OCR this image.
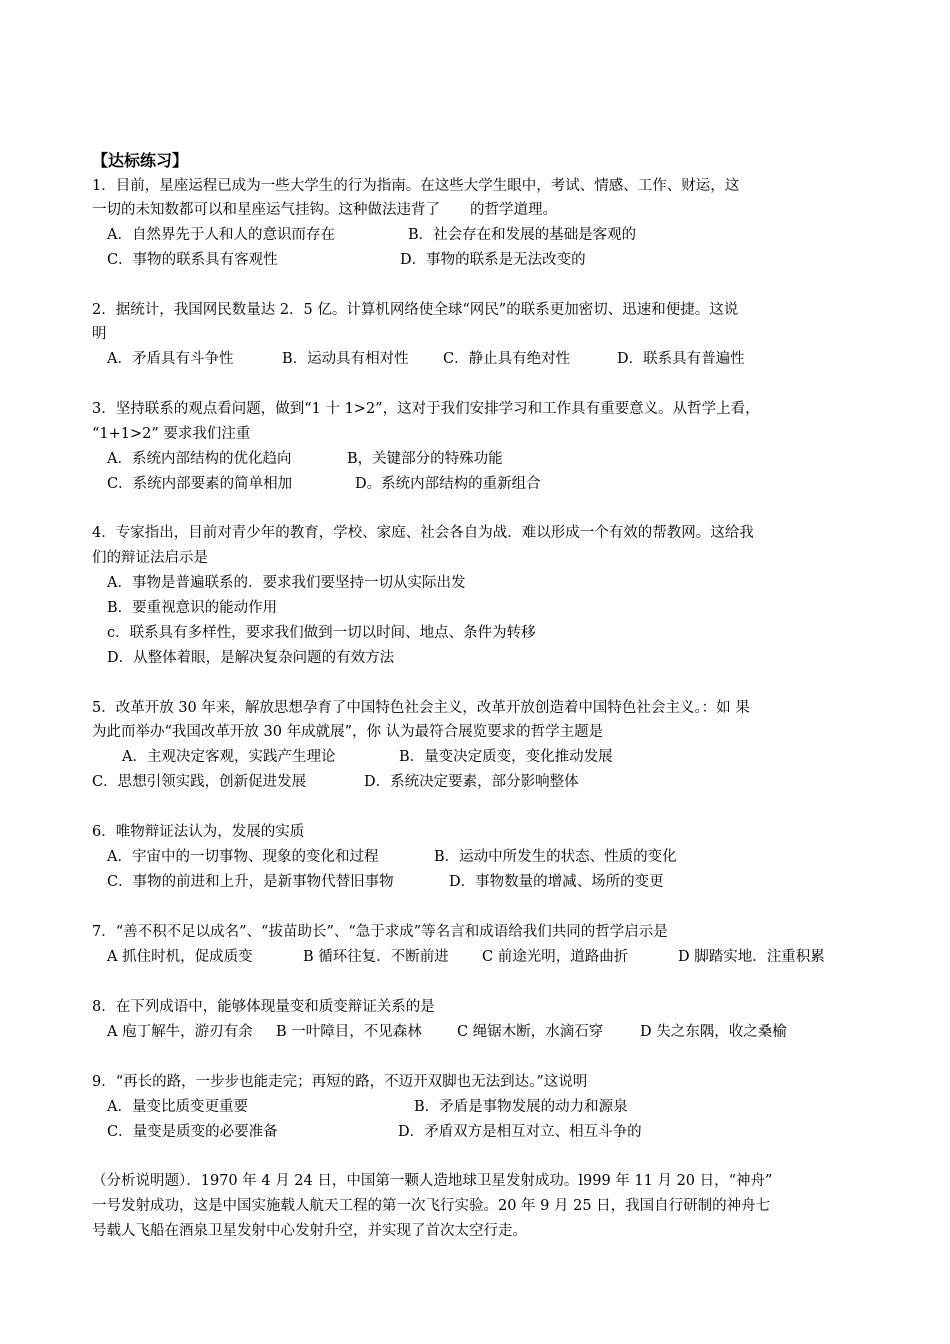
【达标练习】
1．目前，星座运程已成为一些大学生的行为指南。在这些大学生眼中，考试、情感、工作、财运，这
一切的未知数都可以和星座运气挂钩。这种做法违背了 的哲学道理。
A．自然界先于人和人的意识而存在	B．社会存在和发展的基础是客观的
C．事物的联系具有客观性	D．事物的联系是无法改变的
2．据统计，我国网民数量达 2．5 亿。计算机网络使全球“网民”的联系更加密切、迅速和便捷。这说
明
A．矛盾具有斗争性	B．运动具有相对性 C．静止具有绝对性	D．联系具有普遍性
3．坚持联系的观点看问题，做到“1 十 1>2”，这对于我们安排学习和工作具有重要意义。从哲学上看，
“1+1>2” 要求我们注重
A．系统内部结构的优化趋向	B，关键部分的特殊功能
C．系统内部要素的简单相加	D。系统内部结构的重新组合
4．专家指出，目前对青少年的教育，学校、家庭、社会各自为战．难以形成一个有效的帮教网。这给我
们的辩证法启示是
A．事物是普遍联系的．要求我们要坚持一切从实际出发
B．要重视意识的能动作用
c．联系具有多样性，要求我们做到一切以时间、地点、条件为转移
D．从整体着眼，是解决复杂问题的有效方法
5．改革开放 30 年来，解放思想孕育了中国特色社会主义，改革开放创造着中国特色社会主义。：如 果
为此而举办“我国改革开放 30 年成就展”，你 认为最符合展览要求的哲学主题是
A．主观决定客观，实践产生理论	B．量变决定质变，变化推动发展
C．思想引领实践，创新促进发展	D．系统决定要素，部分影响整体
6．唯物辩证法认为，发展的实质
A．宇宙中的一切事物、现象的变化和过程	B．运动中所发生的状态、性质的变化
C．事物的前进和上升，是新事物代替旧事物	D．事物数量的增减、场所的变更
7．“善不积不足以成名”、“拔苗助长”、“急于求成”等名言和成语给我们共同的哲学启示是
A 抓住时机，促成质变	B 循环往复．不断前进 C 前途光明，道路曲折	D 脚踏实地．注重积累
8．在下列成语中，能够体现量变和质变辩证关系的是
A 庖丁解牛，游刃有余 B 一叶障目，不见森林 C 绳锯木断，水滴石穿	D 失之东隅，收之桑榆
9．“再长的路，一步步也能走完；再短的路，不迈开双脚也无法到达。”这说明
A．量变比质变更重要	B．矛盾是事物发展的动力和源泉
C．量变是质变的必要准备	D．矛盾双方是相互对立、相互斗争的
（分析说明题）．1970 年 4 月 24 日，中国第一颗人造地球卫星发射成功。l999 年 11 月 20 日，“神舟”
一号发射成功，这是中国实施载人航天工程的第一次飞行实验。20 年 9 月 25 日，我国自行研制的神舟七
号载人飞船在酒泉卫星发射中心发射升空，并实现了首次太空行走。
